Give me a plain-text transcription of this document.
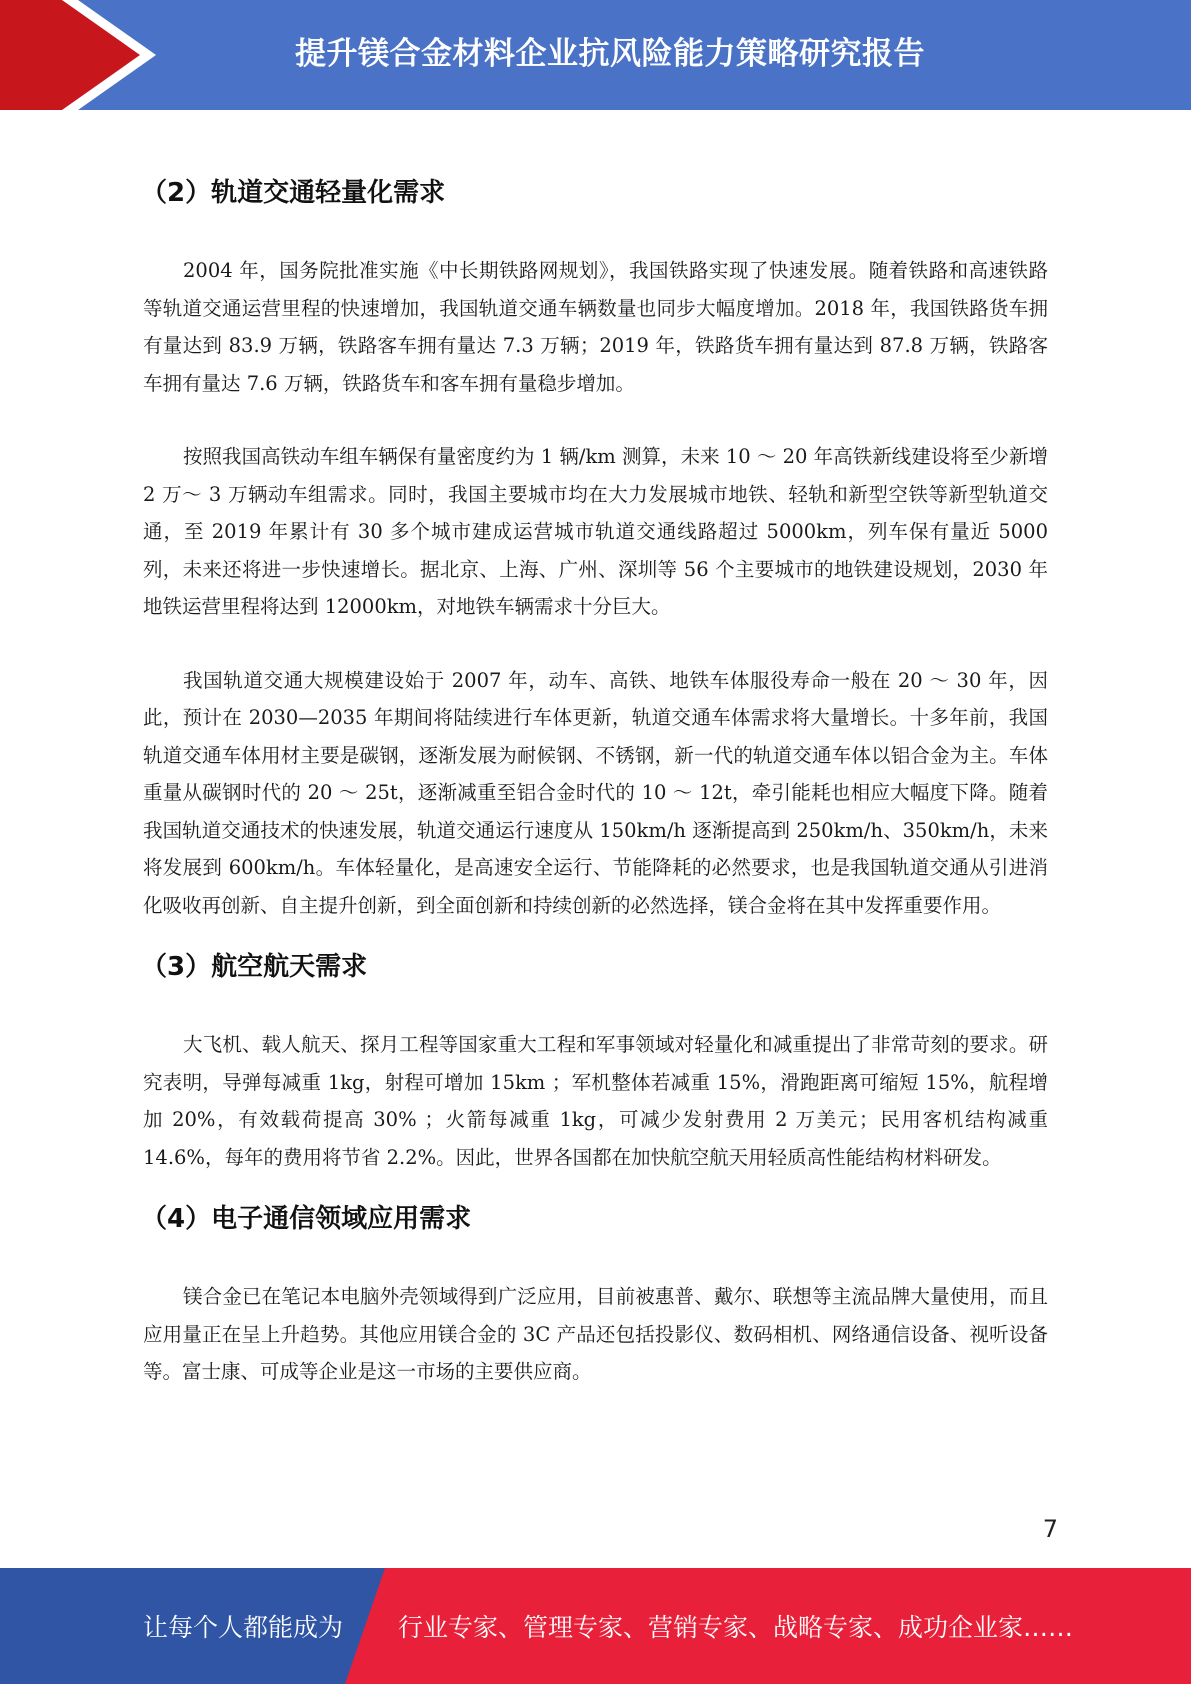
提升镁合金材料企业抗风险能力策略研究报告
（2）轨道交通轻量化需求

2004 年，国务院批准实施《中长期铁路网规划》，我国铁路实现了快速发展。随着铁路和高速铁路等轨道交通运营里程的快速增加，我国轨道交通车辆数量也同步大幅度增加。2018 年，我国铁路货车拥有量达到 83.9 万辆，铁路客车拥有量达 7.3 万辆；2019 年，铁路货车拥有量达到 87.8 万辆，铁路客车拥有量达 7.6 万辆，铁路货车和客车拥有量稳步增加。

按照我国高铁动车组车辆保有量密度约为 1 辆/km 测算，未来 10 ～ 20 年高铁新线建设将至少新增 2 万～ 3 万辆动车组需求。同时，我国主要城市均在大力发展城市地铁、轻轨和新型空铁等新型轨道交通，至 2019 年累计有 30 多个城市建成运营城市轨道交通线路超过 5000km，列车保有量近 5000 列，未来还将进一步快速增长。据北京、上海、广州、深圳等 56 个主要城市的地铁建设规划，2030 年地铁运营里程将达到 12000km，对地铁车辆需求十分巨大。

我国轨道交通大规模建设始于 2007 年，动车、高铁、地铁车体服役寿命一般在 20 ～ 30 年，因此，预计在 2030—2035 年期间将陆续进行车体更新，轨道交通车体需求将大量增长。十多年前，我国轨道交通车体用材主要是碳钢，逐渐发展为耐候钢、不锈钢，新一代的轨道交通车体以铝合金为主。车体重量从碳钢时代的 20 ～ 25t，逐渐减重至铝合金时代的 10 ～ 12t，牵引能耗也相应大幅度下降。随着我国轨道交通技术的快速发展，轨道交通运行速度从 150km/h 逐渐提高到 250km/h、350km/h，未来将发展到 600km/h。车体轻量化，是高速安全运行、节能降耗的必然要求，也是我国轨道交通从引进消化吸收再创新、自主提升创新，到全面创新和持续创新的必然选择，镁合金将在其中发挥重要作用。

（3）航空航天需求

大飞机、载人航天、探月工程等国家重大工程和军事领域对轻量化和减重提出了非常苛刻的要求。研究表明，导弹每减重 1kg，射程可增加 15km ；军机整体若减重 15%，滑跑距离可缩短 15%，航程增加 20%，有效载荷提高 30% ；火箭每减重 1kg，可减少发射费用 2 万美元；民用客机结构减重 14.6%，每年的费用将节省 2.2%。因此，世界各国都在加快航空航天用轻质高性能结构材料研发。

（4）电子通信领域应用需求

镁合金已在笔记本电脑外壳领域得到广泛应用，目前被惠普、戴尔、联想等主流品牌大量使用，而且应用量正在呈上升趋势。其他应用镁合金的 3C 产品还包括投影仪、数码相机、网络通信设备、视听设备等。富士康、可成等企业是这一市场的主要供应商。

7
让每个人都能成为 行业专家、管理专家、营销专家、战略专家、成功企业家……
